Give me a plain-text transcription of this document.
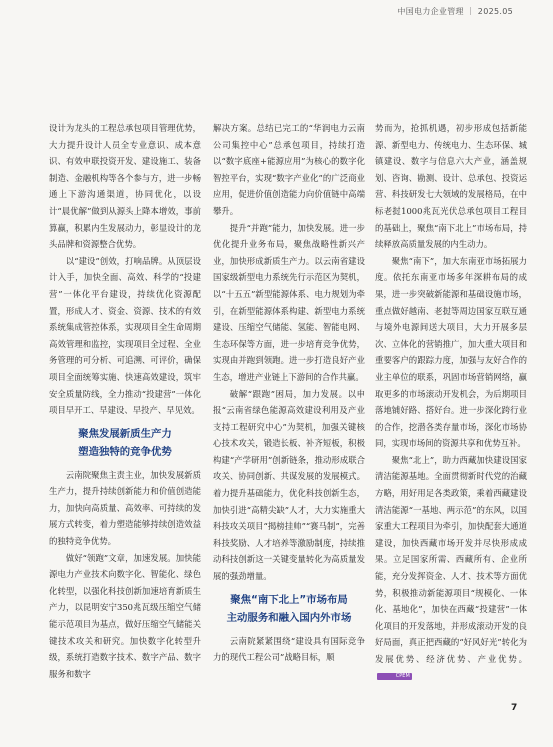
中国电力企业管理 ｜ 2025.05

设计为龙头的工程总承包项目管理优势，大力提升设计人员全专业意识、成本意识、有效申联投资开发、建设施工、装备制造、金融机构等各个参与方，进一步畅通上下游沟通渠道，协同优化，以设计“晨优解”做到从源头上降本增效，事前算赢，积累内生发展动力，彰显设计的龙头品牌和资源整合优势。

以“建设”创效，打响品牌。从顶层设计入手，加快全面、高效、科学的“投建营”一体化平台建设，持续优化资源配置，形成人才、资金、资源、技术的有效系统集成管控体系，实现项目全生命周期高效管理和监控，实现项目全过程、全业务管理的可分析、可追溯、可评价，确保项目全面统筹实施、快速高效建设，筑牢安全质量防线，全力推动“投建营”一体化项目早开工、早建设、早投产、早见效。

聚焦发展新质生产力
塑造独特的竞争优势

云南院聚焦主责主业，加快发展新质生产力，提升持续创新能力和价值创造能力，加快向高质量、高效率、可持续的发展方式转变，着力塑造能够持续创造效益的独特竞争优势。

做好“领跑”文章，加速发展。加快能源电力产业技术向数字化、智能化、绿色化转型，以强化科技创新加速培育新质生产力，以昆明安宁350兆瓦级压缩空气储能示范项目为基点，做好压缩空气储能关键技术攻关和研究。加快数字化转型升级，系统打造数字技术、数字产品、数字服务和数字

解决方案。总结已完工的“华润电力云南公司集控中心”总承包项目，持续打造以“数字底座+能源应用”为核心的数字化智控平台，实现“数字产业化”的广泛商业应用，促进价值创造能力向价值链中高端攀升。

提升“并跑”能力，加快发展。进一步优化提升业务布局，聚焦战略性新兴产业，加快形成新质生产力。以云南省建设国家级新型电力系统先行示范区为契机，以“十五五”新型能源体系、电力规划为牵引，在新型能源体系构建、新型电力系统建设、压缩空气储能、氢能、智能电网、生态环保等方面，进一步培育竞争优势，实现由并跑到领跑。进一步打造良好产业生态，增进产业链上下游间的合作共赢。

破解“跟跑”困局，加力发展。以申报“云南省绿色能源高效建设利用及产业支持工程研究中心”为契机，加强关键核心技术攻关，锻造长板、补齐短板，积极构建“产学研用”创新链条，推动形成联合攻关、协同创新、共谋发展的发展模式。着力提升基础能力，优化科技创新生态，加快引进“高精尖缺”人才，大力实施重大科技攻关项目“揭榜挂帅”“赛马制”，完善科技奖励、人才培养等激励制度，持续推动科技创新这一关键变量转化为高质量发展的强劲增量。

聚焦“南下北上”市场布局
主动服务和融入国内外市场

云南院紧紧围绕“建设具有国际竞争力的现代工程公司”战略目标，顺

势而为，抢抓机遇，初步形成包括新能源、新型电力、传统电力、生态环保、城镇建设、数字与信息六大产业，涵盖规划、咨询、勘测、设计、总承包、投资运营、科技研发七大领域的发展格局，在中标老挝1000兆瓦光伏总承包项目工程目的基础上，聚焦“南下北上”市场布局，持续释放高质量发展的内生动力。

聚焦“南下”，加大东南亚市场拓展力度。依托东南亚市场多年深耕布局的成果，进一步突破新能源和基础设施市场，重点做好越南、老挝等周边国家互联互通与境外电源间送大项目，大力开展多层次、立体化的营销推广，加大重大项目和重要客户的跟踪力度，加强与友好合作的业主单位的联系，巩固市场营销网络，赢取更多的市场滚动开发机会，为后期项目落地铺好路、搭好台。进一步深化跨行业的合作，挖潜各类存量市场，深化市场协同，实现市场间的资源共享和优势互补。

聚焦“北上”，助力西藏加快建设国家清洁能源基地。全面贯彻新时代党的治藏方略，用好用足各类政策，乘着西藏建设清洁能源“一基地、两示范”的东风，以国家重大工程项目为牵引，加快配套大通道建设，加快西藏市场开发并尽快形成成果。立足国家所需、西藏所有、企业所能，充分发挥资金、人才、技术等方面优势，积极推动新能源项目“规模化、一体化、基地化”，加快在西藏“投建营”一体化项目的开发落地，并形成滚动开发的良好局面，真正把西藏的“好风好光”转化为发展优势、经济优势、产业优势。CPEM

7
